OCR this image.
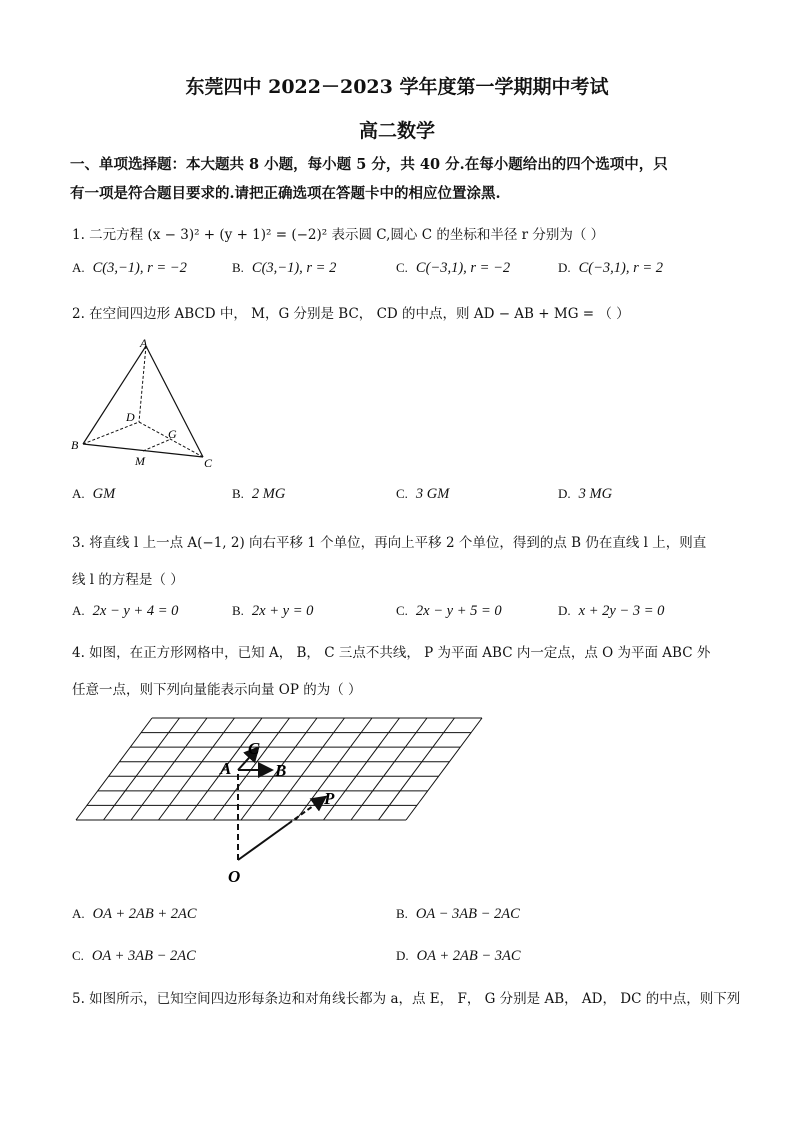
东莞四中 2022－2023 学年度第一学期期中考试
高二数学
一、单项选择题：本大题共 8 小题，每小题 5 分，共 40 分.在每小题给出的四个选项中，只
有一项是符合题目要求的.请把正确选项在答题卡中的相应位置涂黑.
1. 二元方程 (x − 3)² + (y + 1)² = (−2)² 表示圆 C,圆心 C 的坐标和半径 r 分别为（ ）
A. C(3,−1), r = −2	B. C(3,−1), r = 2	C. C(−3,1), r = −2	D. C(−3,1), r = 2
2. 在空间四边形 ABCD 中， M，G 分别是 BC， CD 的中点，则 AD − AB + MG = （ ）
A
B
C
D
G
M
A. GM	B. 2 MG	C. 3 GM	D. 3 MG
3. 将直线 l 上一点 A(−1, 2) 向右平移 1 个单位，再向上平移 2 个单位，得到的点 B 仍在直线 l 上，则直
线 l 的方程是（ ）
A. 2x − y + 4 = 0	B. 2x + y = 0	C. 2x − y + 5 = 0	D. x + 2y − 3 = 0
4. 如图，在正方形网格中，已知 A， B， C 三点不共线， P 为平面 ABC 内一定点，点 O 为平面 ABC 外
任意一点，则下列向量能表示向量 OP 的为（ ）
C
A	B
P
O
A. OA + 2AB + 2AC	B. OA − 3AB − 2AC
C. OA + 3AB − 2AC	D. OA + 2AB − 3AC
5. 如图所示，已知空间四边形每条边和对角线长都为 a，点 E， F， G 分别是 AB， AD， DC 的中点，则下列
